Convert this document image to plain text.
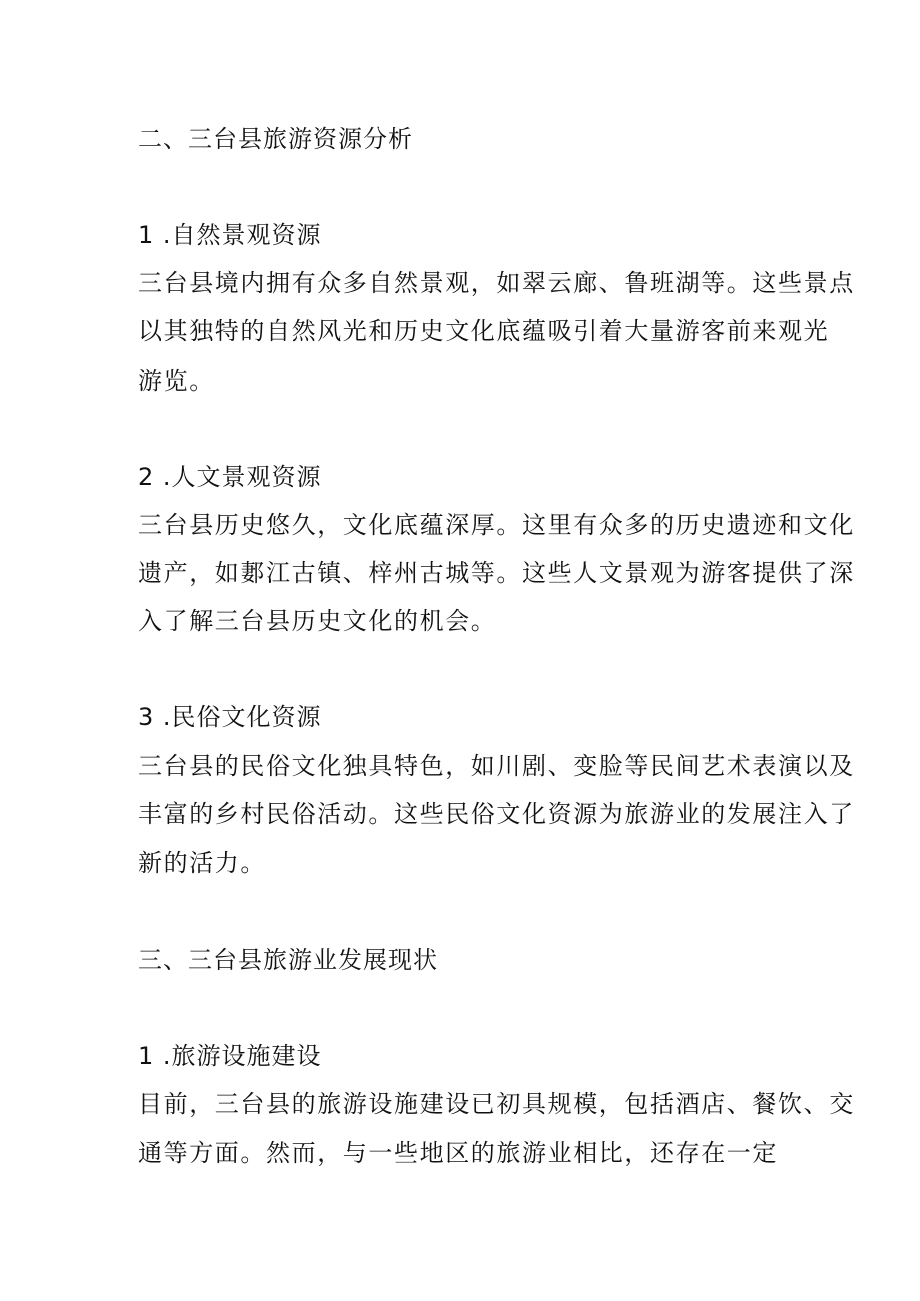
二、三台县旅游资源分析
1 .自然景观资源
三台县境内拥有众多自然景观，如翠云廊、鲁班湖等。这些景点
以其独特的自然风光和历史文化底蕴吸引着大量游客前来观光
游览。
2 .人文景观资源
三台县历史悠久，文化底蕴深厚。这里有众多的历史遗迹和文化
遗产，如郪江古镇、梓州古城等。这些人文景观为游客提供了深
入了解三台县历史文化的机会。
3 .民俗文化资源
三台县的民俗文化独具特色，如川剧、变脸等民间艺术表演以及
丰富的乡村民俗活动。这些民俗文化资源为旅游业的发展注入了
新的活力。
三、三台县旅游业发展现状
1 .旅游设施建设
目前，三台县的旅游设施建设已初具规模，包括酒店、餐饮、交
通等方面。然而，与一些地区的旅游业相比，还存在一定
